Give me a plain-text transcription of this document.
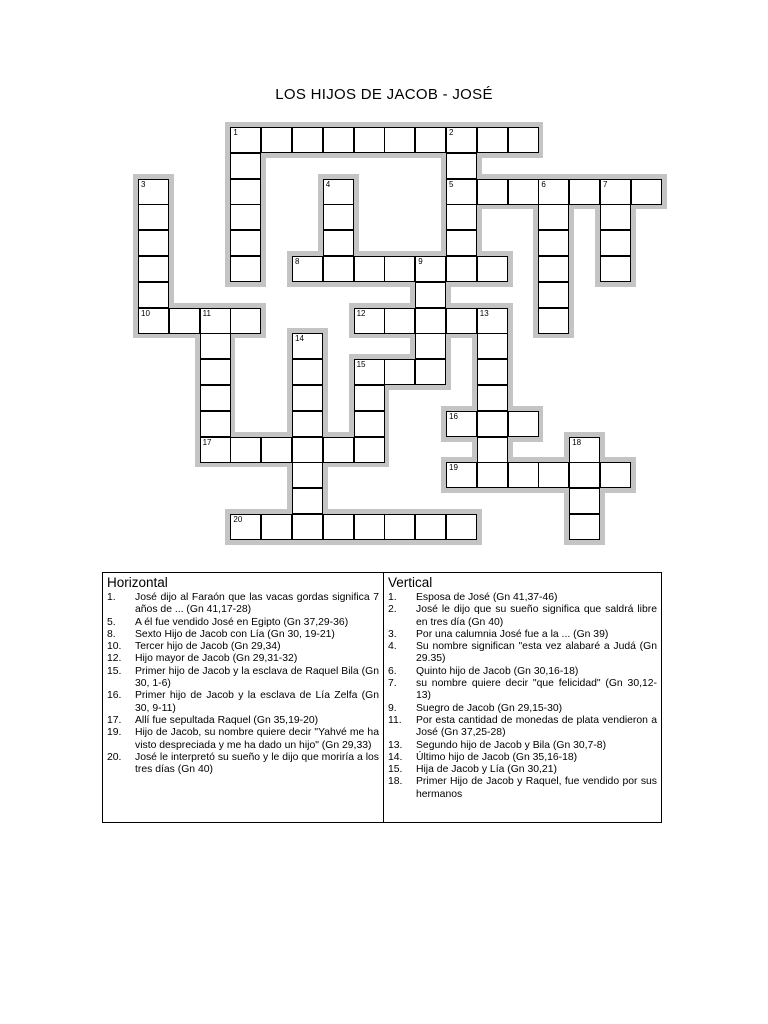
LOS HIJOS DE JACOB - JOSÉ
1	2
5
3
10
4	6	7
8	9
11
17
12	13
14
15
16
18
19
20
Horizontal
1.	José dijo al Faraón que las vacas gordas significa 7 años de ... (Gn 41,17-28)
5.	A él fue vendido José en Egipto (Gn 37,29-36)
8.	Sexto Hijo de Jacob con Lía (Gn 30, 19-21)
10.	Tercer hijo de Jacob (Gn 29,34)
12.	Hijo mayor de Jacob (Gn 29,31-32)
15.	Primer hijo de Jacob y la esclava de Raquel Bila (Gn 30, 1-6)
16.	Primer hijo de Jacob y la esclava de Lía Zelfa (Gn 30, 9-11)
17.	Allí fue sepultada Raquel (Gn 35,19-20)
19.	Hijo de Jacob, su nombre quiere decir "Yahvé me ha visto despreciada y me ha dado un hijo" (Gn 29,33)
20.	José le interpretó su sueño y le dijo que moriría a los tres días (Gn 40)
Vertical
1.	Esposa de José (Gn 41,37-46)
2.	José le dijo que su sueño significa que saldrá libre en tres día (Gn 40)
3.	Por una calumnia José fue a la ... (Gn 39)
4.	Su nombre significan "esta vez alabaré a Judá (Gn 29.35)
6.	Quinto hijo de Jacob (Gn 30,16-18)
7.	su nombre quiere decir "que felicidad" (Gn 30,12-13)
9.	Suegro de Jacob (Gn 29,15-30)
11.	Por esta cantidad de monedas de plata vendieron a José (Gn 37,25-28)
13.	Segundo hijo de Jacob y Bila (Gn 30,7-8)
14.	Último hijo de Jacob (Gn 35,16-18)
15.	Hija de Jacob y Lía (Gn 30,21)
18.	Primer Hijo de Jacob y Raquel, fue vendido por sus hermanos
